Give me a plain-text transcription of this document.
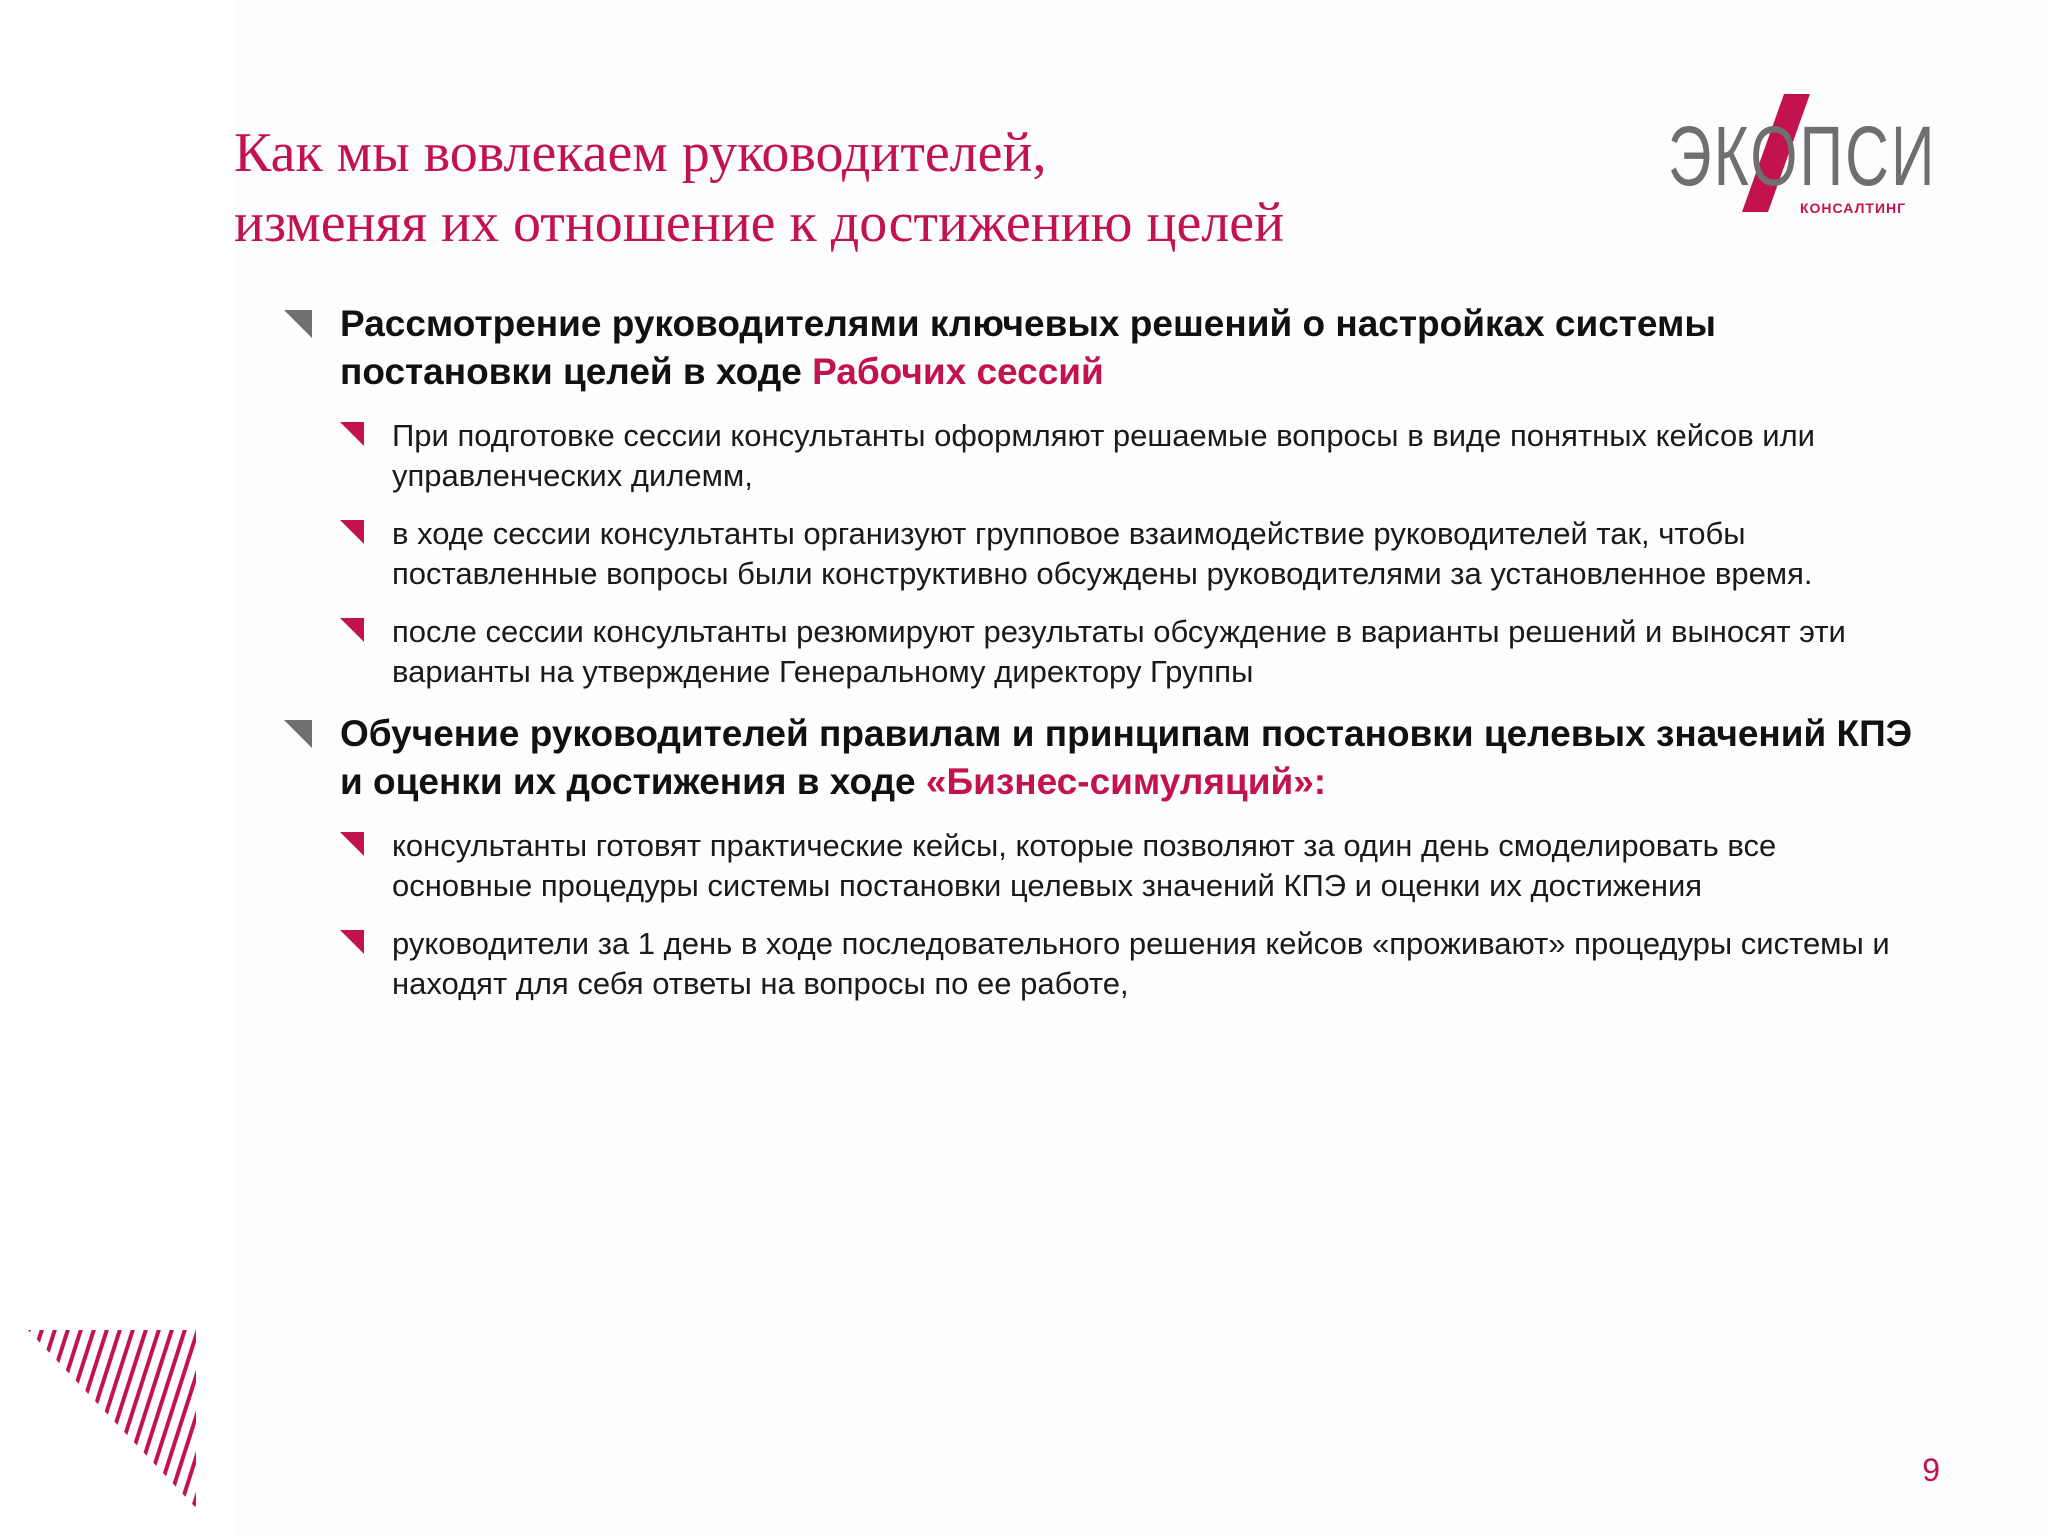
Как мы вовлекаем руководителей,
изменяя их отношение к достижению целей
ЭКОПСИ
КОНСАЛТИНГ
Рассмотрение руководителями ключевых решений о настройках системы постановки целей в ходе Рабочих сессий
При подготовке сессии консультанты оформляют решаемые вопросы в виде понятных кейсов или управленческих дилемм,
в ходе сессии консультанты организуют групповое взаимодействие руководителей так, чтобы поставленные вопросы были конструктивно обсуждены руководителями за установленное время.
после сессии консультанты резюмируют результаты обсуждение в варианты решений и выносят эти варианты на утверждение Генеральному директору Группы
Обучение руководителей правилам и принципам постановки целевых значений КПЭ и оценки их достижения в ходе «Бизнес-симуляций»:
консультанты готовят практические кейсы, которые позволяют за один день смоделировать все основные процедуры системы постановки целевых значений КПЭ и оценки их достижения
руководители за 1 день в ходе последовательного решения кейсов «проживают» процедуры системы и находят для себя ответы на вопросы по ее работе,
9
